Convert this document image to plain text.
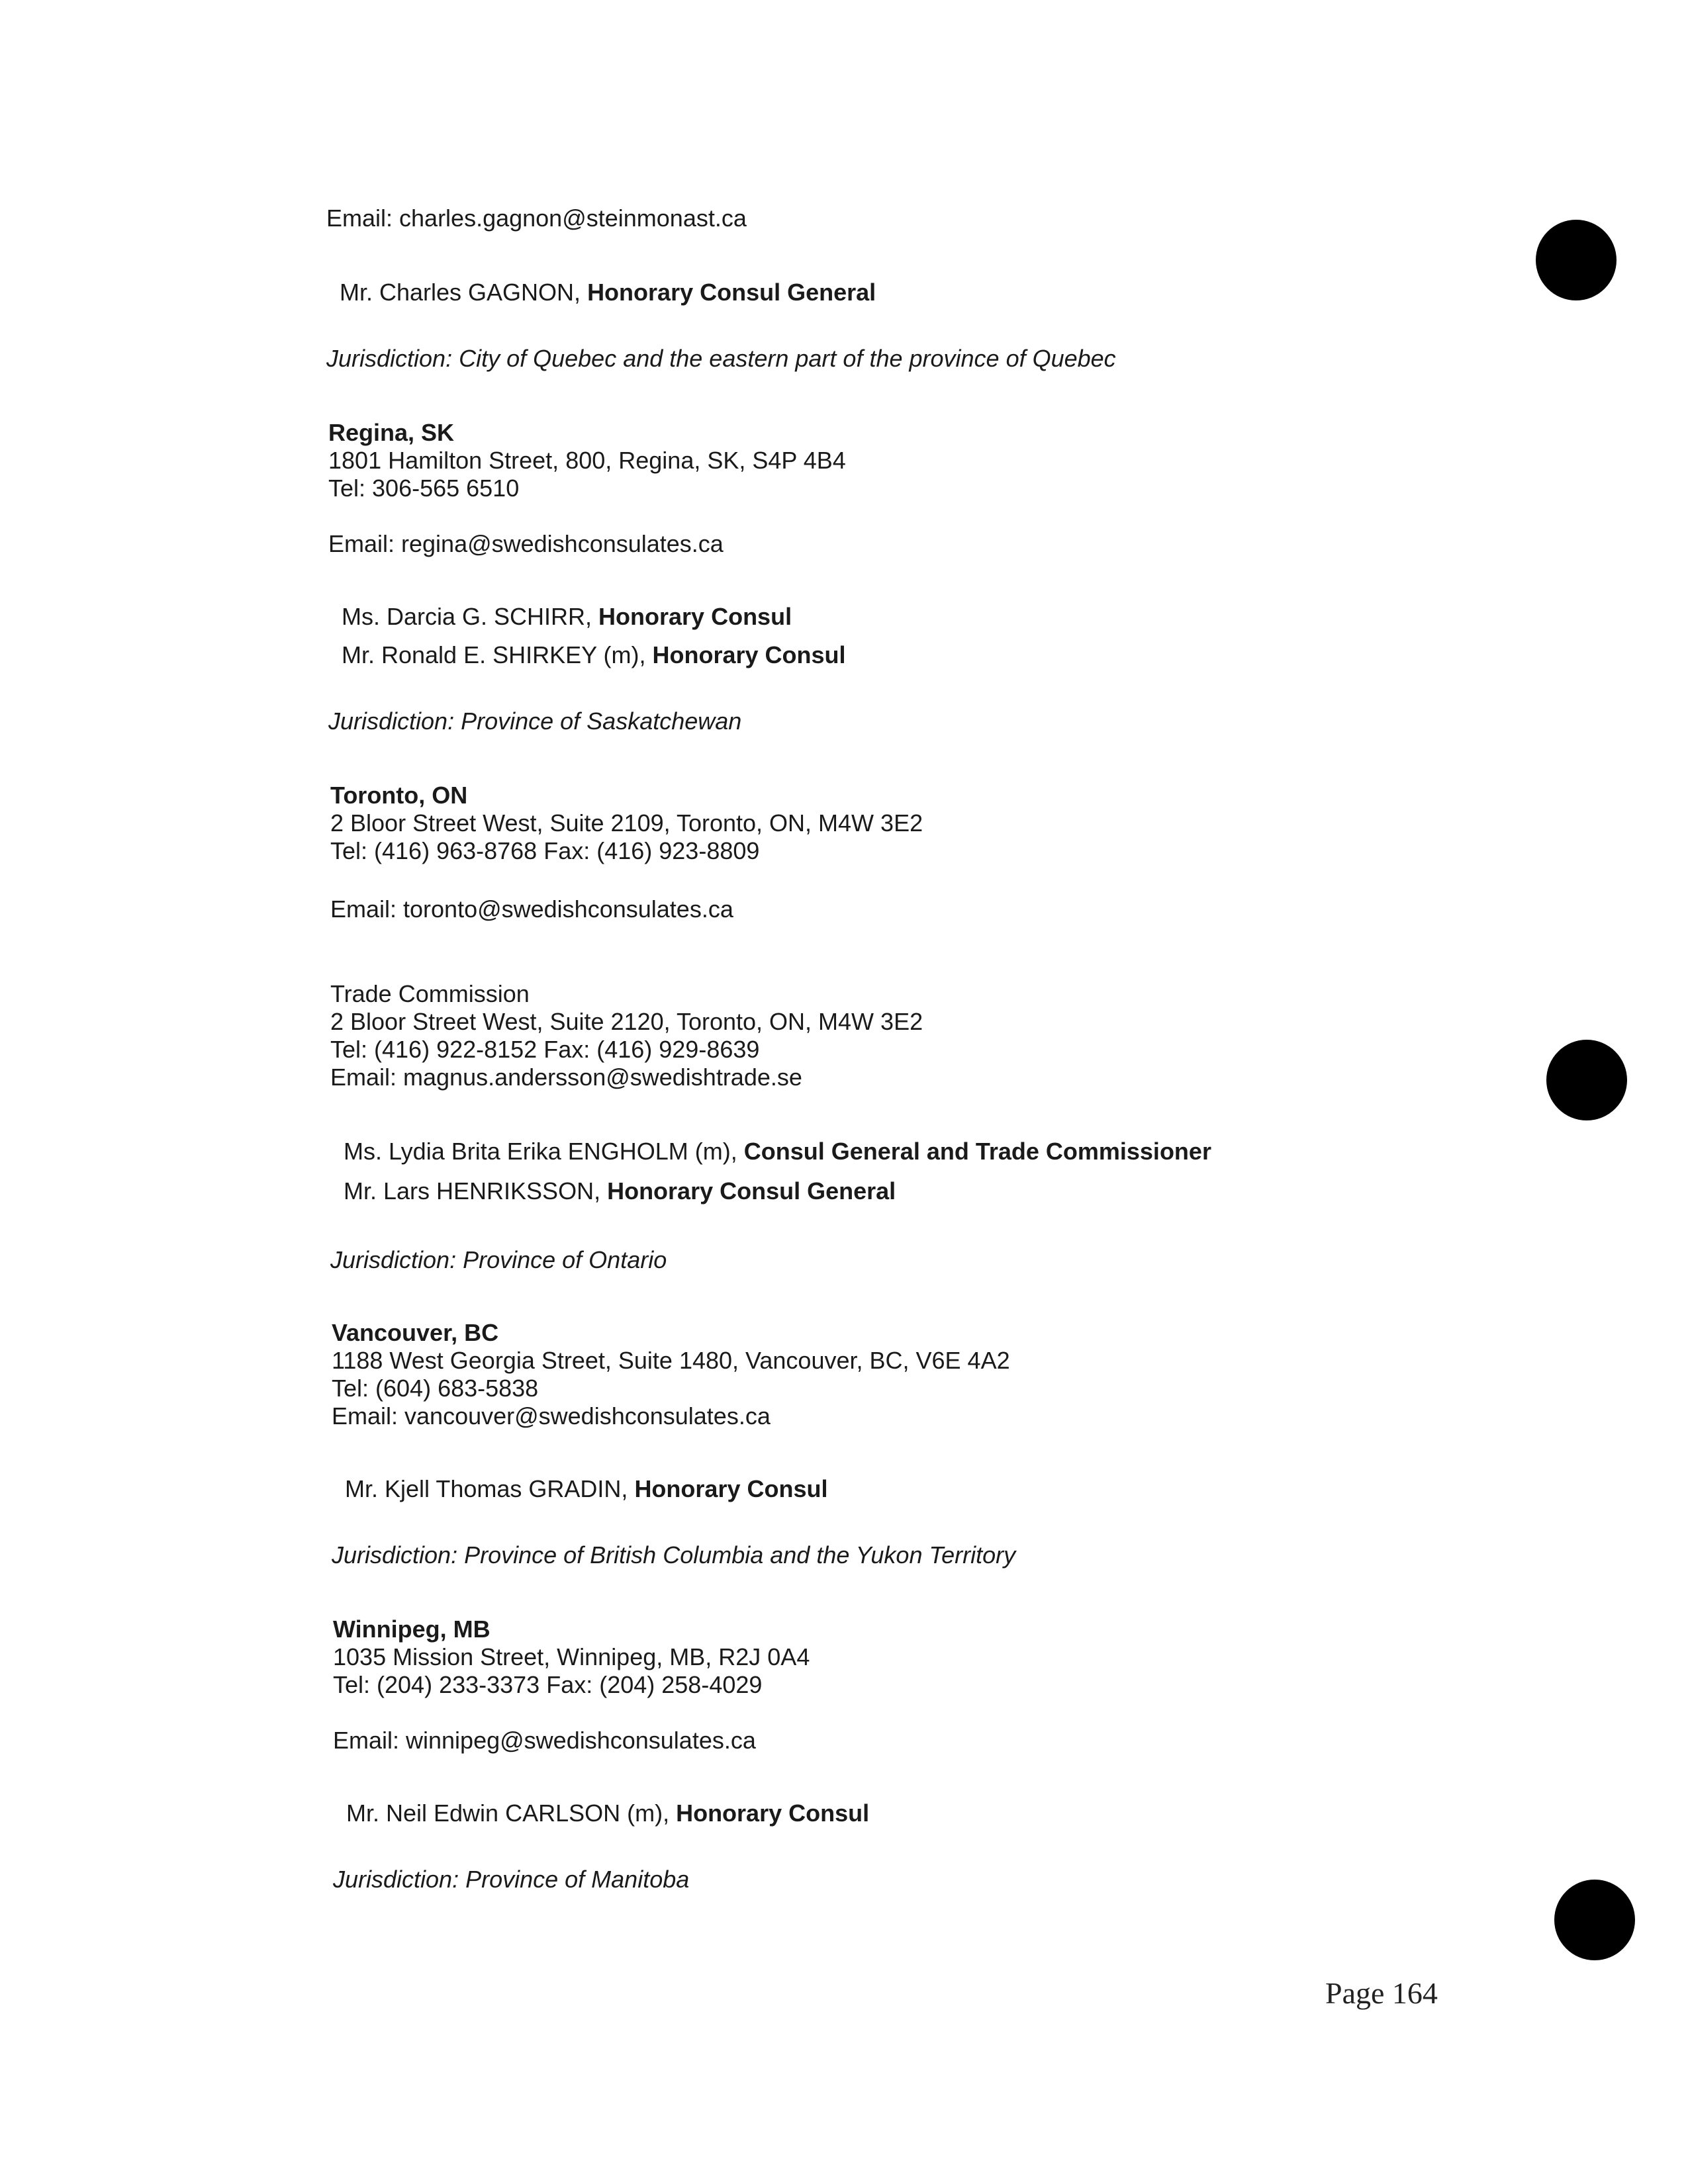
Email: charles.gagnon@steinmonast.ca
Mr. Charles GAGNON, Honorary Consul General
Jurisdiction: City of Quebec and the eastern part of the province of Quebec
Regina, SK
1801 Hamilton Street, 800, Regina, SK, S4P 4B4
Tel: 306-565 6510
Email: regina@swedishconsulates.ca
Ms. Darcia G. SCHIRR, Honorary Consul
Mr. Ronald E. SHIRKEY (m), Honorary Consul
Jurisdiction: Province of Saskatchewan
Toronto, ON
2 Bloor Street West, Suite 2109, Toronto, ON, M4W 3E2
Tel: (416) 963-8768 Fax: (416) 923-8809
Email: toronto@swedishconsulates.ca
Trade Commission
2 Bloor Street West, Suite 2120, Toronto, ON, M4W 3E2
Tel: (416) 922-8152 Fax: (416) 929-8639
Email: magnus.andersson@swedishtrade.se
Ms. Lydia Brita Erika ENGHOLM (m), Consul General and Trade Commissioner
Mr. Lars HENRIKSSON, Honorary Consul General
Jurisdiction: Province of Ontario
Vancouver, BC
1188 West Georgia Street, Suite 1480, Vancouver, BC, V6E 4A2
Tel: (604) 683-5838
Email: vancouver@swedishconsulates.ca
Mr. Kjell Thomas GRADIN, Honorary Consul
Jurisdiction: Province of British Columbia and the Yukon Territory
Winnipeg, MB
1035 Mission Street, Winnipeg, MB, R2J 0A4
Tel: (204) 233-3373 Fax: (204) 258-4029
Email: winnipeg@swedishconsulates.ca
Mr. Neil Edwin CARLSON (m), Honorary Consul
Jurisdiction: Province of Manitoba
Page 164
